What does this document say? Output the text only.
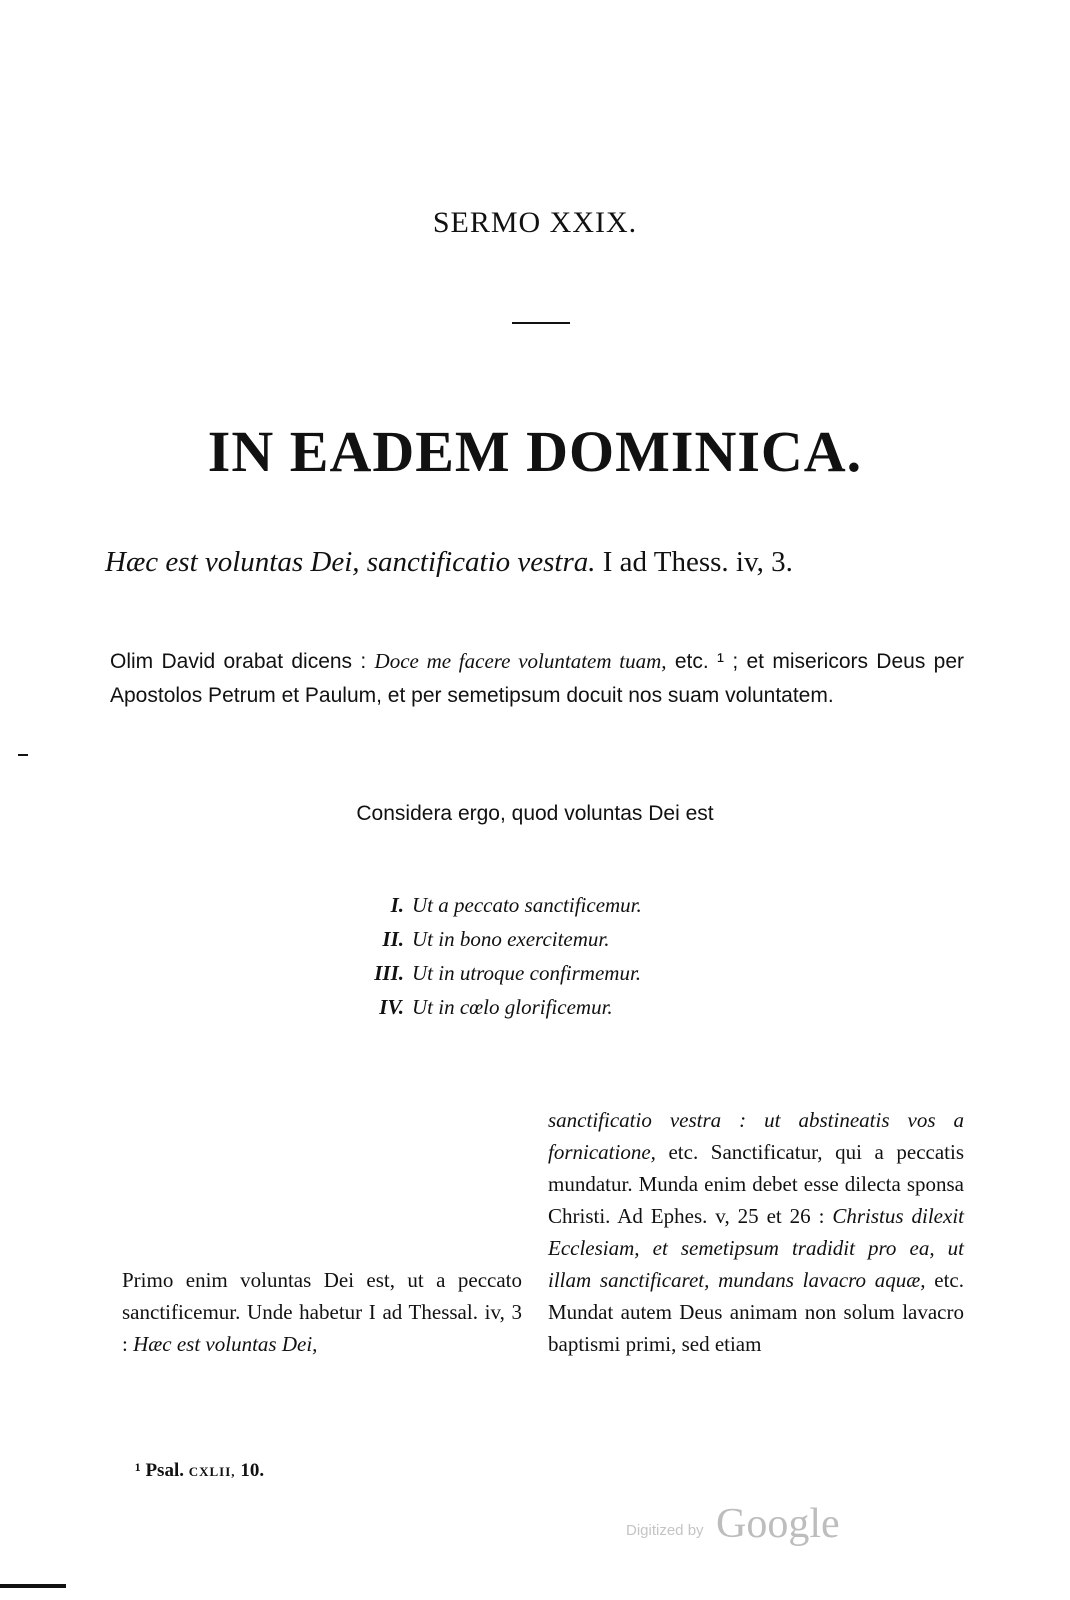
SERMO XXIX.
IN EADEM DOMINICA.
Hæc est voluntas Dei, sanctificatio vestra. I ad Thess. iv, 3.
Olim David orabat dicens : Doce me facere voluntatem tuam, etc. ¹ ; et misericors Deus per Apostolos Petrum et Paulum, et per semetipsum docuit nos suam voluntatem.
Considera ergo, quod voluntas Dei est
I. Ut a peccato sanctificemur.
II. Ut in bono exercitemur.
III. Ut in utroque confirmemur.
IV. Ut in cœlo glorificemur.
Primo enim voluntas Dei est, ut a peccato sanctificemur. Unde habetur I ad Thessal. iv, 3 : Hæc est voluntas Dei,
sanctificatio vestra : ut abstineatis vos a fornicatione, etc. Sanctificatur, qui a peccatis mundatur. Munda enim debet esse dilecta sponsa Christi. Ad Ephes. v, 25 et 26 : Christus dilexit Ecclesiam, et semetipsum tradidit pro ea, ut illam sanctificaret, mundans lavacro aquæ, etc. Mundat autem Deus animam non solum lavacro baptismi primi, sed etiam
¹ Psal. CXLII, 10.
Digitized by Google
